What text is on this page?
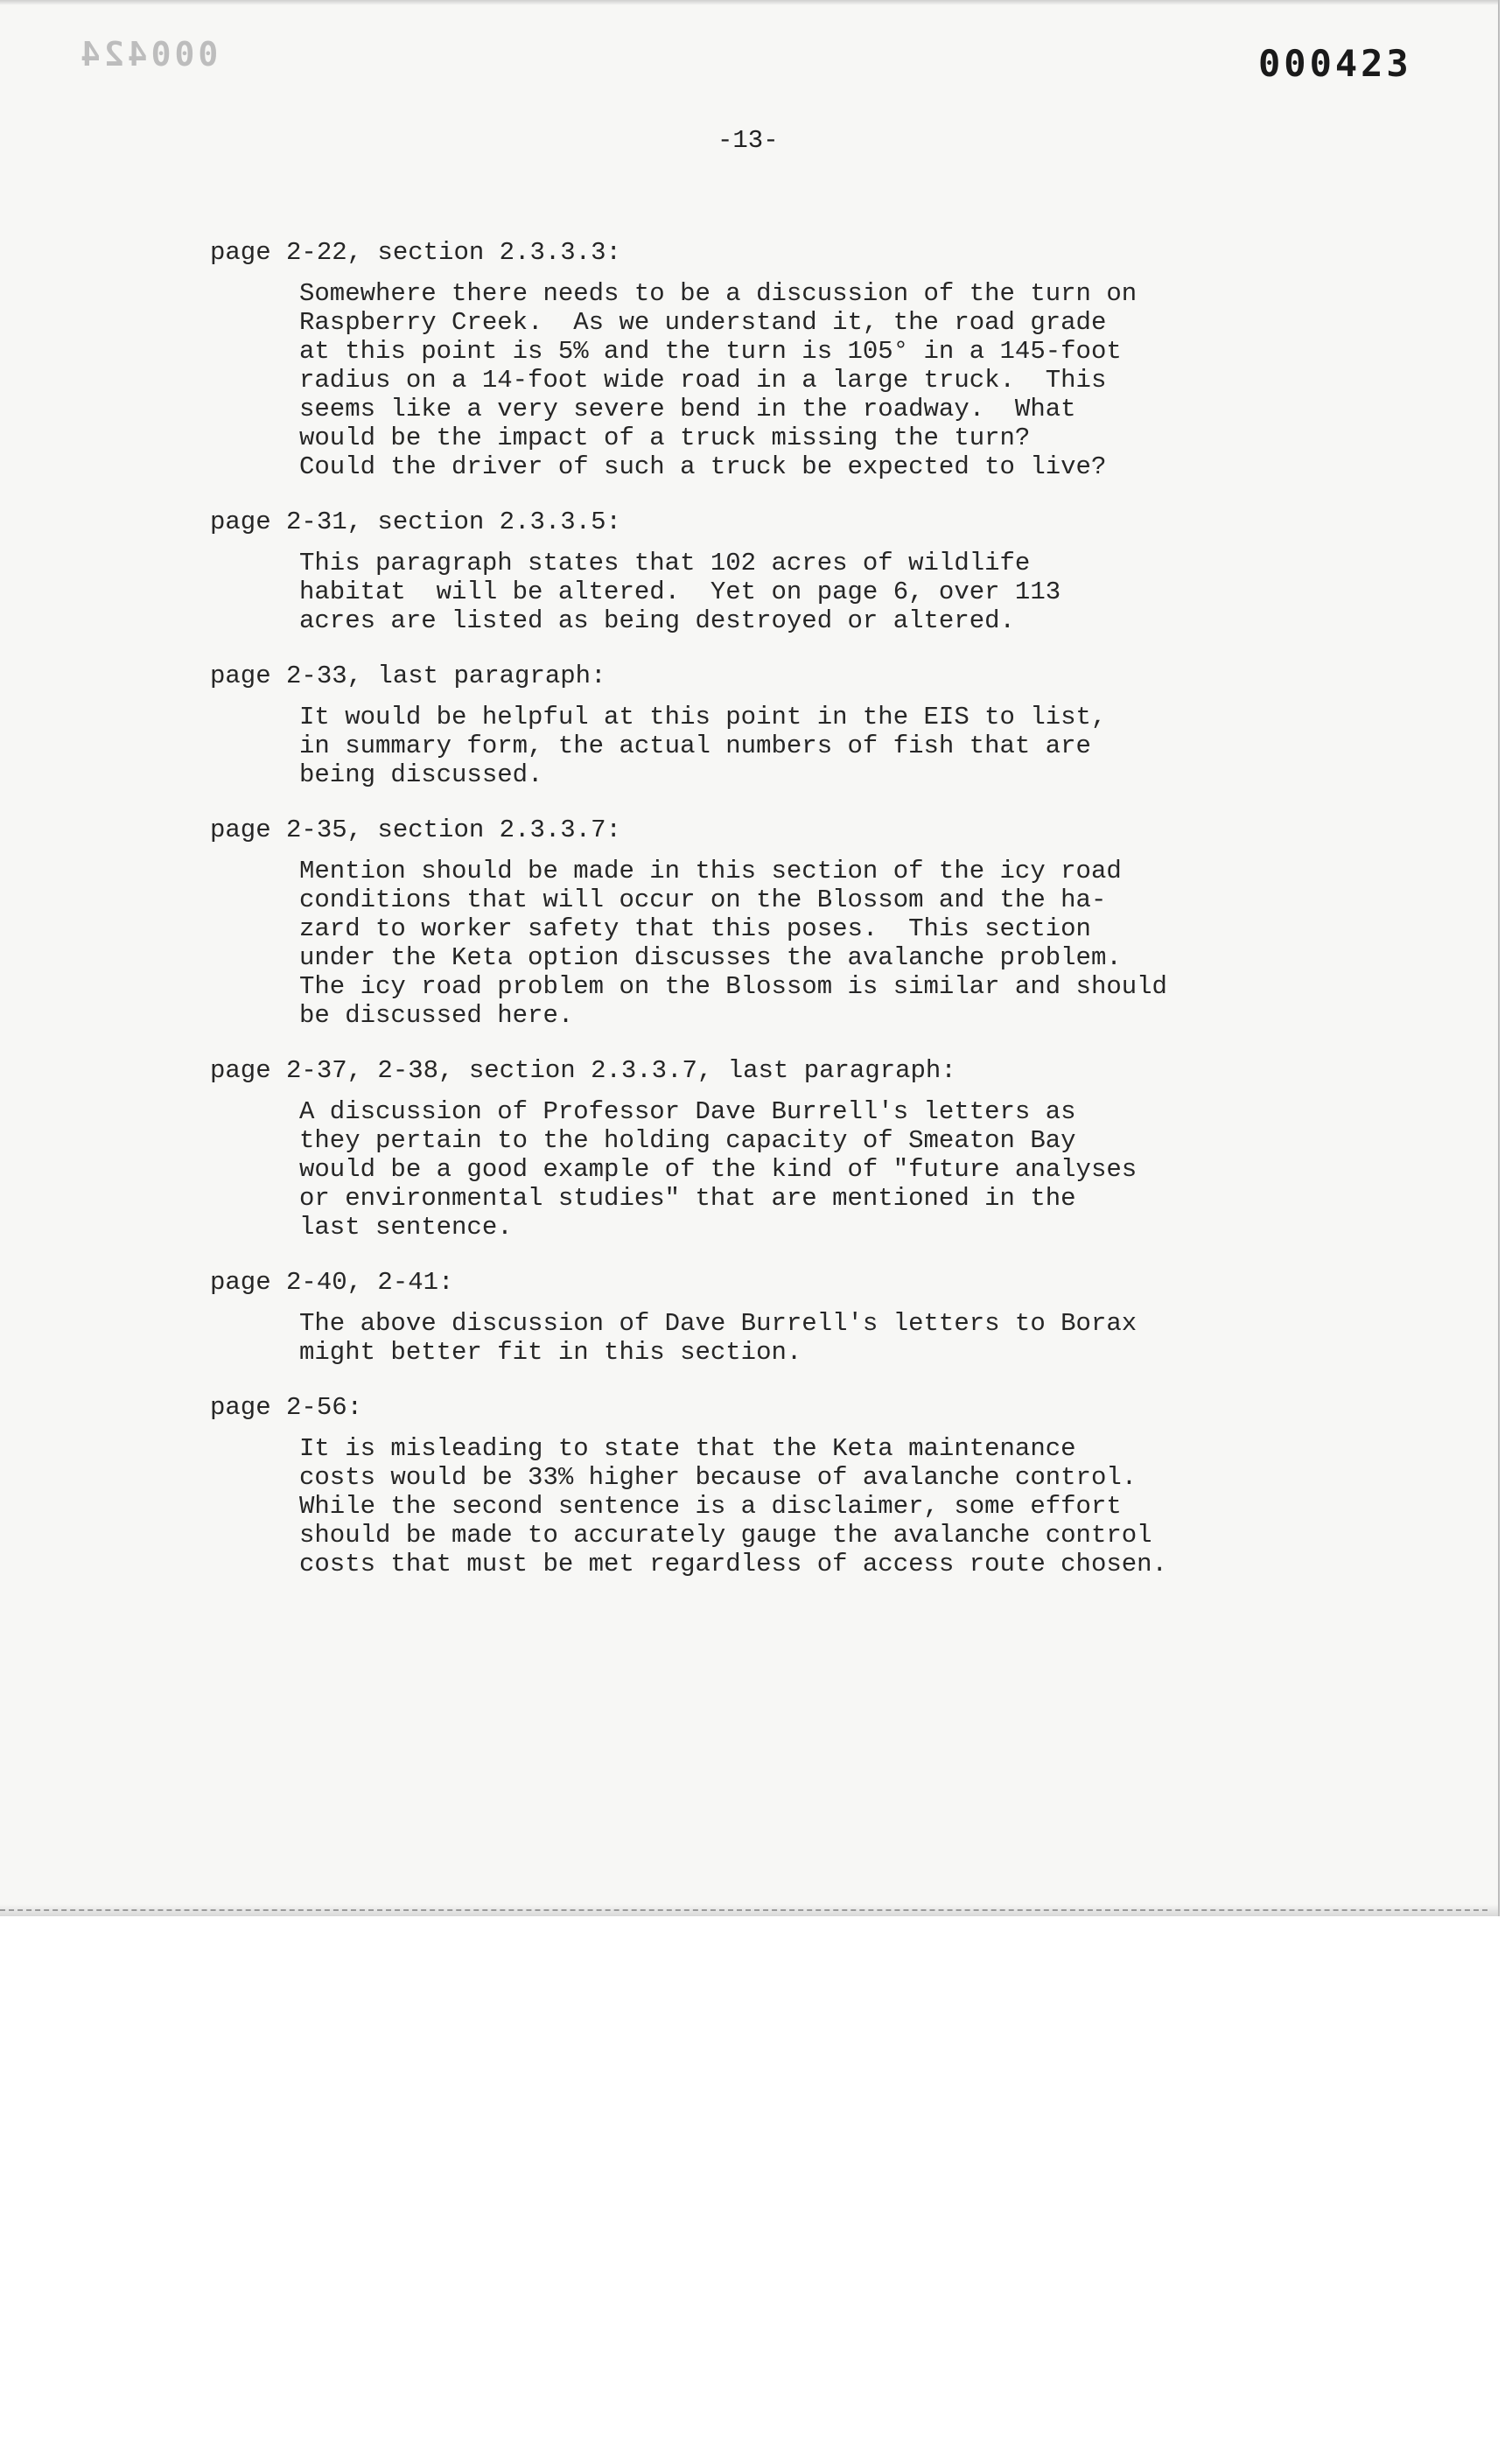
000424	000423
-13-

page 2-22, section 2.3.3.3:

Somewhere there needs to be a discussion of the turn on
Raspberry Creek.  As we understand it, the road grade
at this point is 5% and the turn is 105° in a 145-foot
radius on a 14-foot wide road in a large truck.  This
seems like a very severe bend in the roadway.  What
would be the impact of a truck missing the turn?
Could the driver of such a truck be expected to live?

page 2-31, section 2.3.3.5:

This paragraph states that 102 acres of wildlife
habitat  will be altered.  Yet on page 6, over 113
acres are listed as being destroyed or altered.

page 2-33, last paragraph:

It would be helpful at this point in the EIS to list,
in summary form, the actual numbers of fish that are
being discussed.

page 2-35, section 2.3.3.7:

Mention should be made in this section of the icy road
conditions that will occur on the Blossom and the ha-
zard to worker safety that this poses.  This section
under the Keta option discusses the avalanche problem.
The icy road problem on the Blossom is similar and should
be discussed here.

page 2-37, 2-38, section 2.3.3.7, last paragraph:

A discussion of Professor Dave Burrell's letters as
they pertain to the holding capacity of Smeaton Bay
would be a good example of the kind of "future analyses
or environmental studies" that are mentioned in the
last sentence.

page 2-40, 2-41:

The above discussion of Dave Burrell's letters to Borax
might better fit in this section.

page 2-56:

It is misleading to state that the Keta maintenance
costs would be 33% higher because of avalanche control.
While the second sentence is a disclaimer, some effort
should be made to accurately gauge the avalanche control
costs that must be met regardless of access route chosen.
